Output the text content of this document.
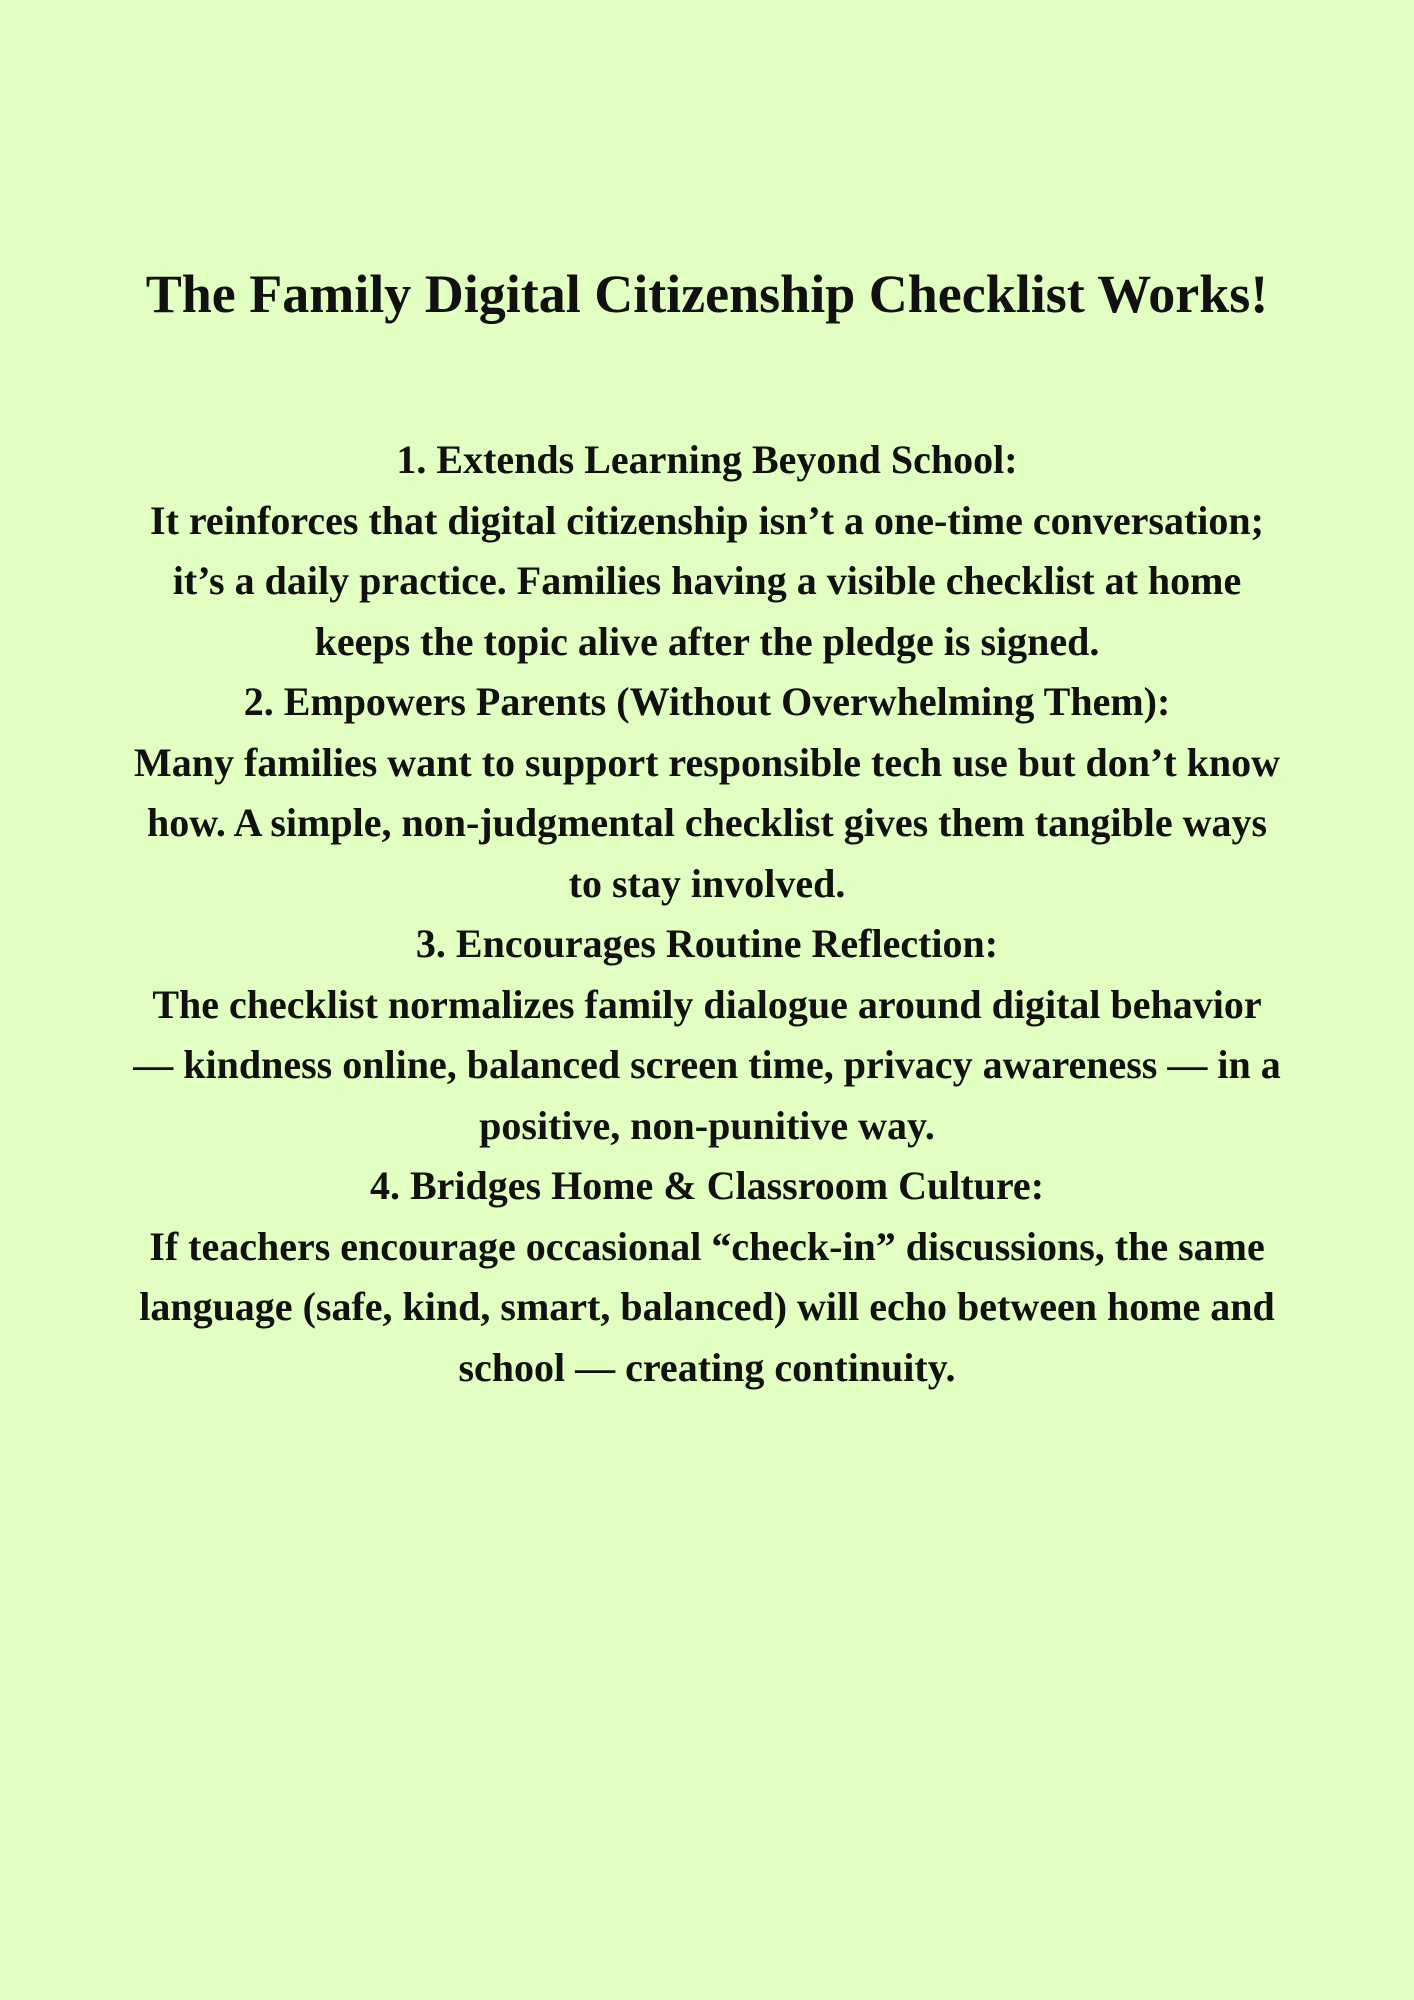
The Family Digital Citizenship Checklist Works!

1. Extends Learning Beyond School:

It reinforces that digital citizenship isn’t a one-time conversation; it’s a daily practice. Families having a visible checklist at home keeps the topic alive after the pledge is signed.

2. Empowers Parents (Without Overwhelming Them):

Many families want to support responsible tech use but don’t know how. A simple, non-judgmental checklist gives them tangible ways to stay involved.

3. Encourages Routine Reflection:

The checklist normalizes family dialogue around digital behavior — kindness online, balanced screen time, privacy awareness — in a positive, non-punitive way.

4. Bridges Home & Classroom Culture:

If teachers encourage occasional “check-in” discussions, the same language (safe, kind, smart, balanced) will echo between home and school — creating continuity.
